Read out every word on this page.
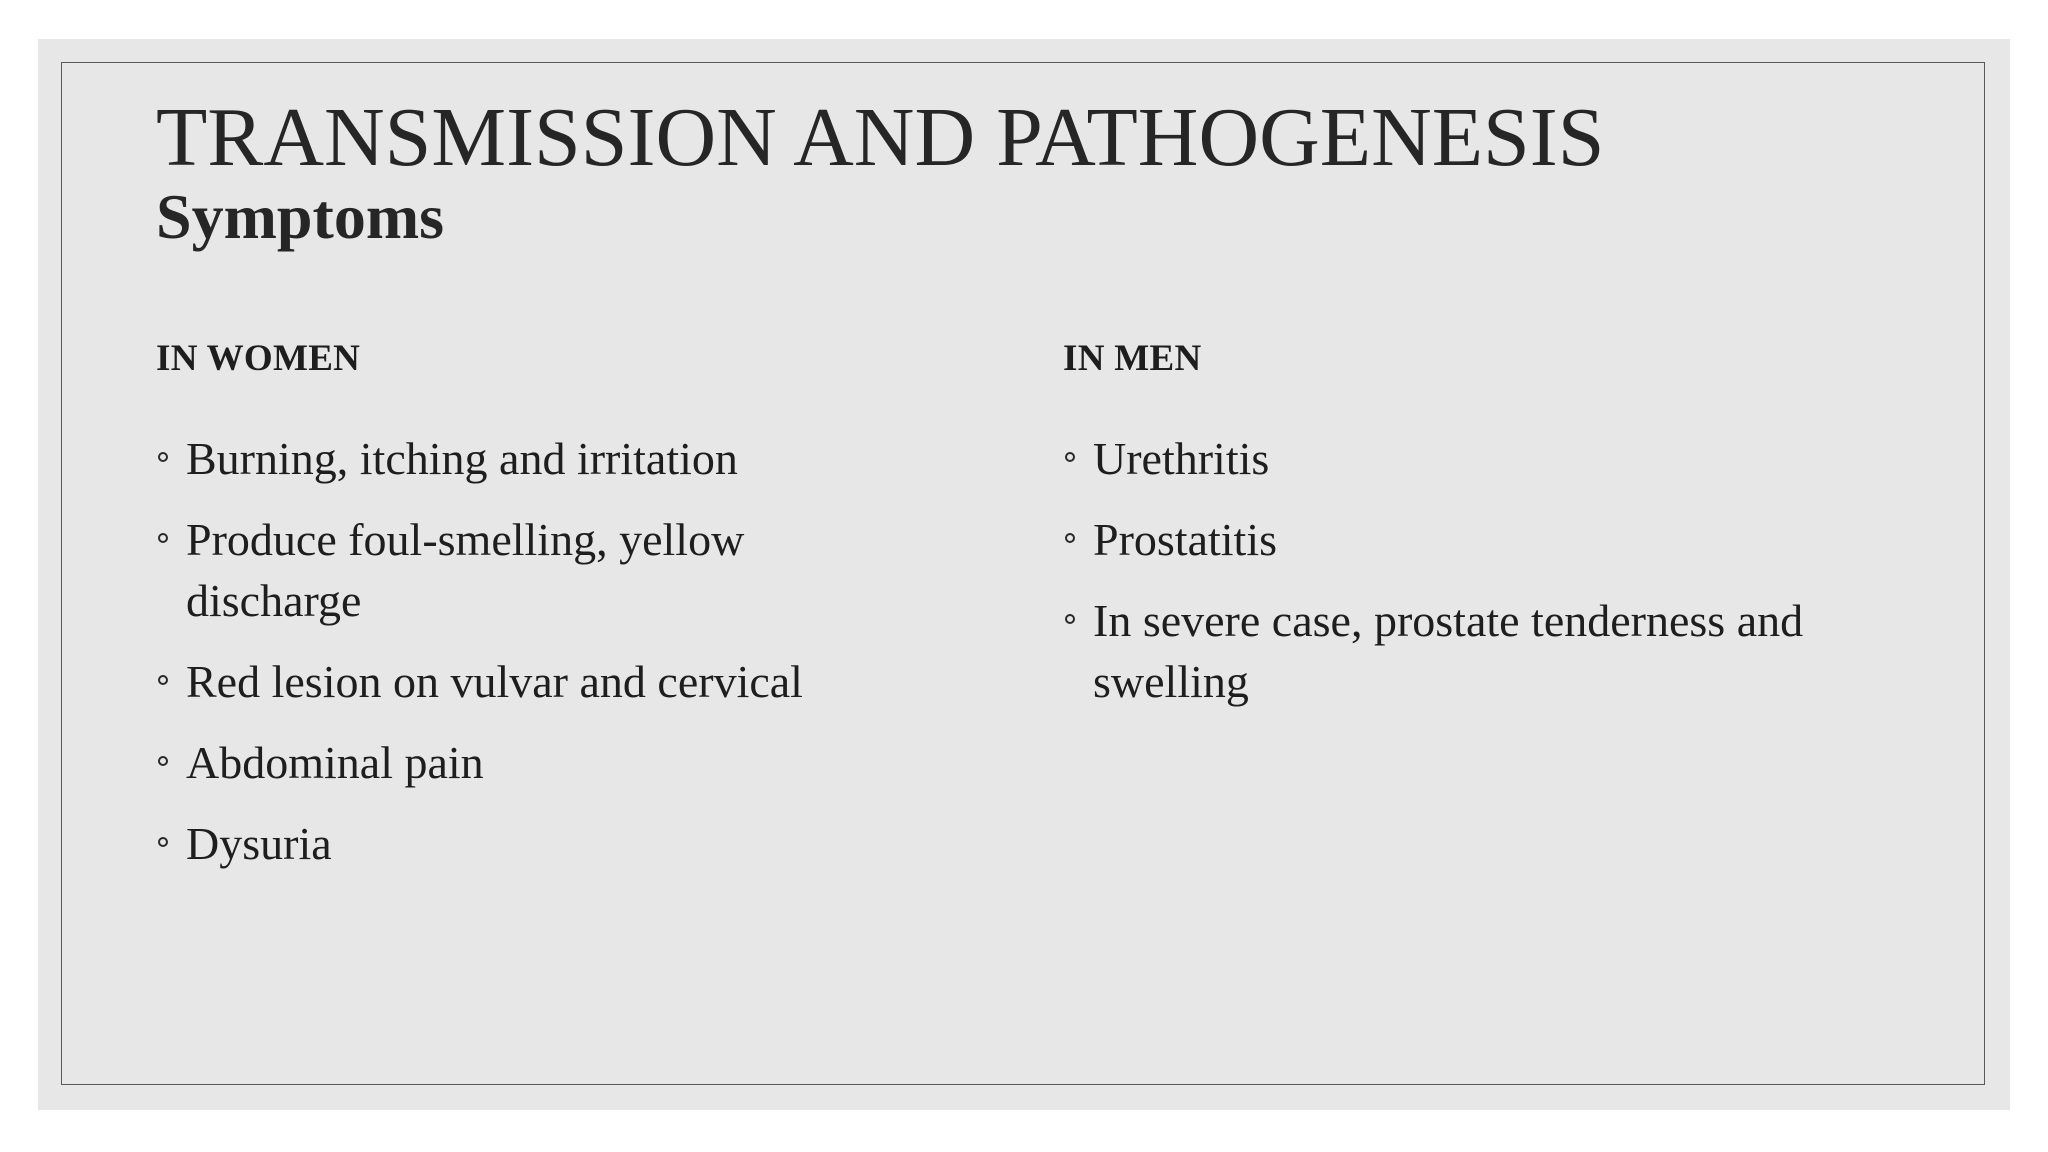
TRANSMISSION AND PATHOGENESIS
Symptoms
IN WOMEN
Burning, itching and irritation
Produce foul-smelling, yellow discharge
Red lesion on vulvar and cervical
Abdominal pain
Dysuria
IN MEN
Urethritis
Prostatitis
In severe case, prostate tenderness and swelling
